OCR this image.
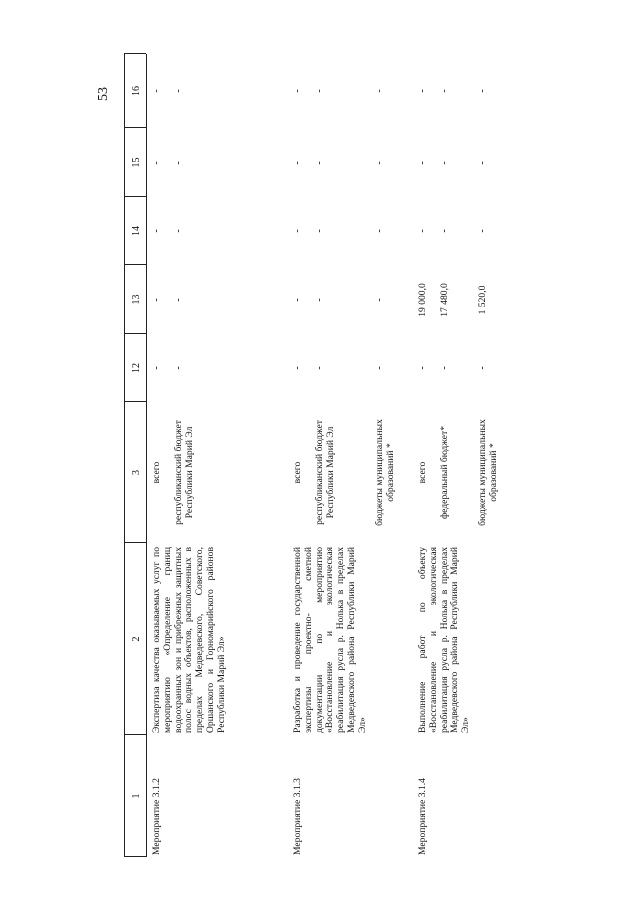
53
1
2
3
12
13
14
15
16
Мероприятие 3.1.2
Экспертиза качества оказываемых услуг по мероприятию «Определение границ водоохранных зон и прибрежных защитных полос водных объектов, расположенных в пределах Медведевского, Советского, Оршанского и Горномарийского районов Республики Марий Эл»
всего республиканский бюджет Республики Марий Эл
-
-
-
-
-
-
-
-
-
-
Мероприятие 3.1.3
Разработка и проведение государственной экспертизы проектно- сметной документации по мероприятию «Восстановление и экологическая реабилитация русла р. Нолька в пределах Медведевского района Республики Марий Эл»
всего республиканский бюджет Республики Марий Эл	бюджеты муниципальных образований *
-
-
-
-
-
-
-
-
-
-
-
-
-
-
-
Мероприятие 3.1.4
Выполнение работ по объекту «Восстановление и экологическая реабилитация русла р. Нолька в пределах Медведевского района Республики Марий Эл»
всего федеральный бюджет*	бюджеты муниципальных образований *
-
19 000,0
-
-
-
-
17 480,0
-
-
-
-
1 520,0
-
-
-
